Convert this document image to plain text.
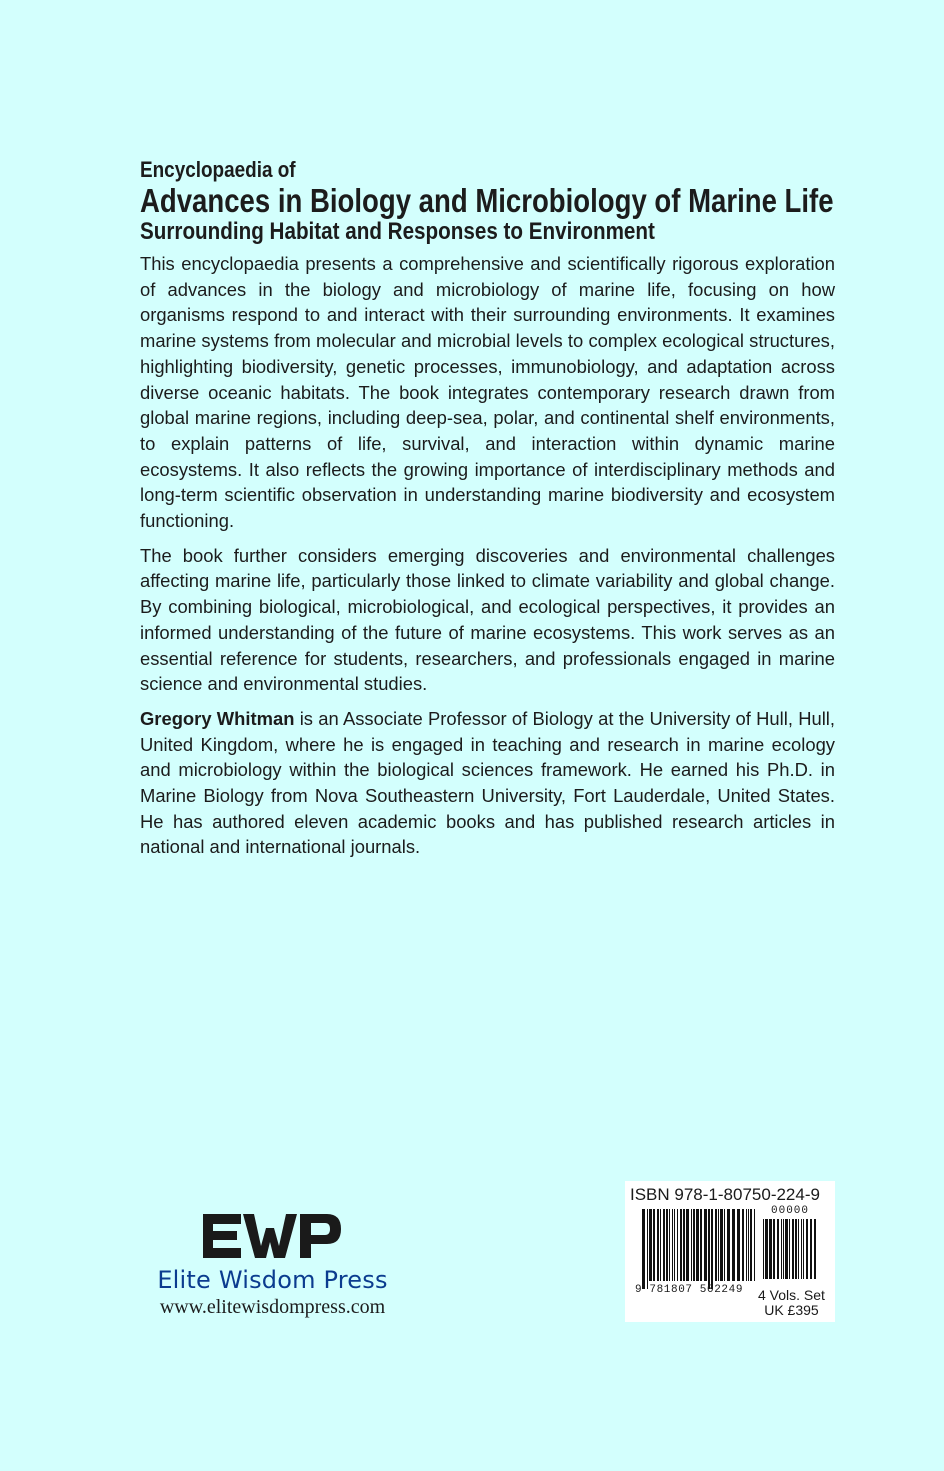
Encyclopaedia of
Advances in Biology and Microbiology of Marine Life
Surrounding Habitat and Responses to Environment

This encyclopaedia presents a comprehensive and scientifically rigorous exploration of advances in the biology and microbiology of marine life, focusing on how organisms respond to and interact with their surrounding environments. It examines marine systems from molecular and microbial levels to complex ecological structures, highlighting biodiversity, genetic processes, immunobiology, and adaptation across diverse oceanic habitats. The book integrates contemporary research drawn from global marine regions, including deep-sea, polar, and continental shelf environments, to explain patterns of life, survival, and interaction within dynamic marine ecosystems. It also reflects the growing importance of interdisciplinary methods and long-term scientific observation in understanding marine biodiversity and ecosystem functioning.

The book further considers emerging discoveries and environmental challenges affecting marine life, particularly those linked to climate variability and global change. By combining biological, microbiological, and ecological perspectives, it provides an informed understanding of the future of marine ecosystems. This work serves as an essential reference for students, researchers, and professionals engaged in marine science and environmental studies.

Gregory Whitman is an Associate Professor of Biology at the University of Hull, Hull, United Kingdom, where he is engaged in teaching and research in marine ecology and microbiology within the biological sciences framework. He earned his Ph.D. in Marine Biology from Nova Southeastern University, Fort Lauderdale, United States. He has authored eleven academic books and has published research articles in national and international journals.

Elite Wisdom Press
www.elitewisdompress.com
ISBN 978-1-80750-224-9
00000
9 781807 502249 4 Vols. Set
UK £395
